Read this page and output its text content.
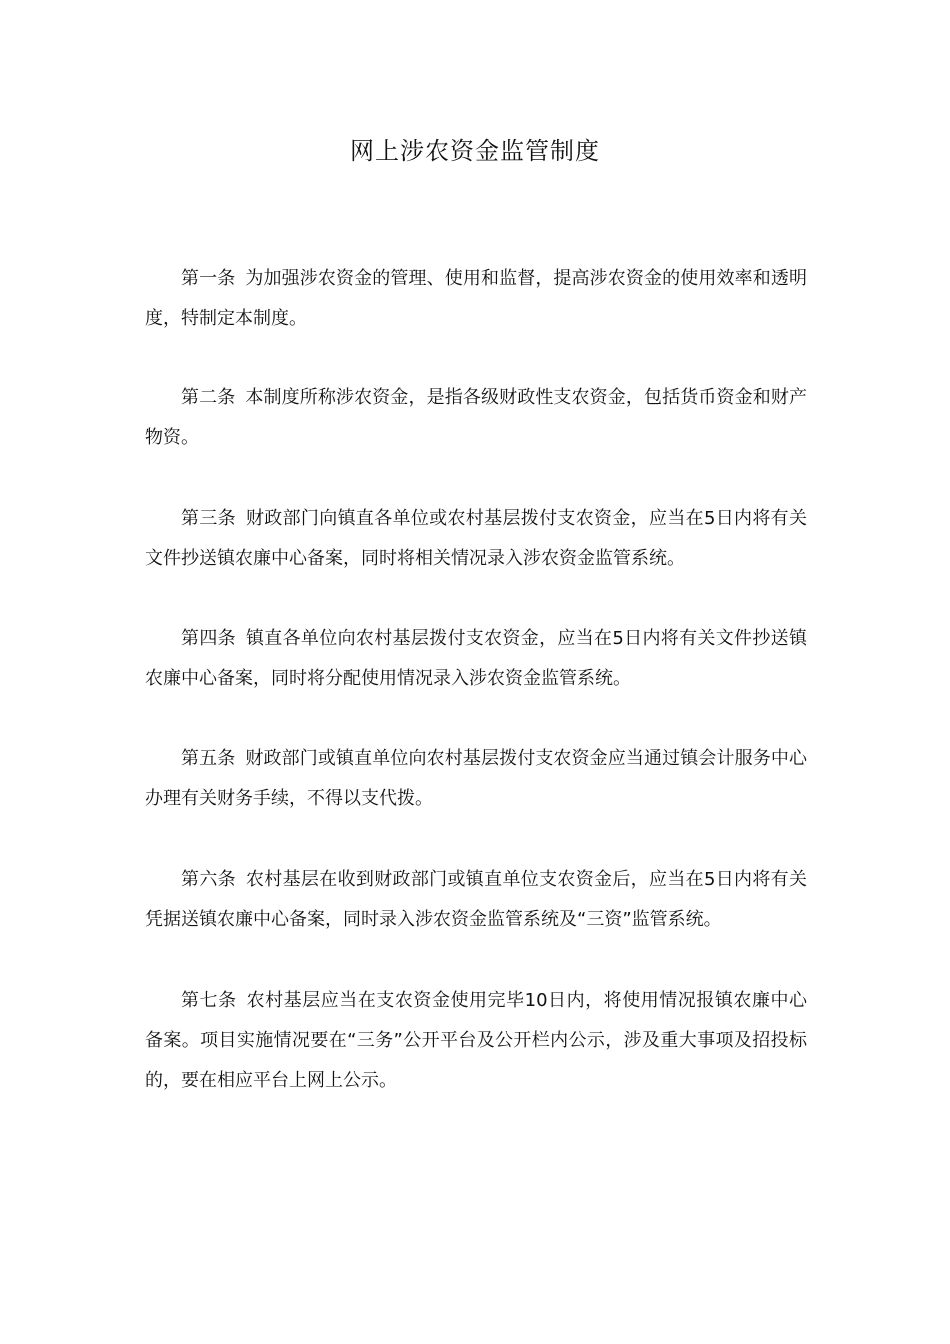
网上涉农资金监管制度

第一条 为加强涉农资金的管理、使用和监督，提高涉农资金的使用效率和透明度，特制定本制度。

第二条 本制度所称涉农资金，是指各级财政性支农资金，包括货币资金和财产物资。

第三条 财政部门向镇直各单位或农村基层拨付支农资金，应当在5日内将有关文件抄送镇农廉中心备案，同时将相关情况录入涉农资金监管系统。

第四条 镇直各单位向农村基层拨付支农资金，应当在5日内将有关文件抄送镇农廉中心备案，同时将分配使用情况录入涉农资金监管系统。

第五条 财政部门或镇直单位向农村基层拨付支农资金应当通过镇会计服务中心办理有关财务手续，不得以支代拨。

第六条 农村基层在收到财政部门或镇直单位支农资金后，应当在5日内将有关凭据送镇农廉中心备案，同时录入涉农资金监管系统及“三资”监管系统。

第七条 农村基层应当在支农资金使用完毕10日内，将使用情况报镇农廉中心备案。项目实施情况要在“三务”公开平台及公开栏内公示，涉及重大事项及招投标的，要在相应平台上网上公示。
